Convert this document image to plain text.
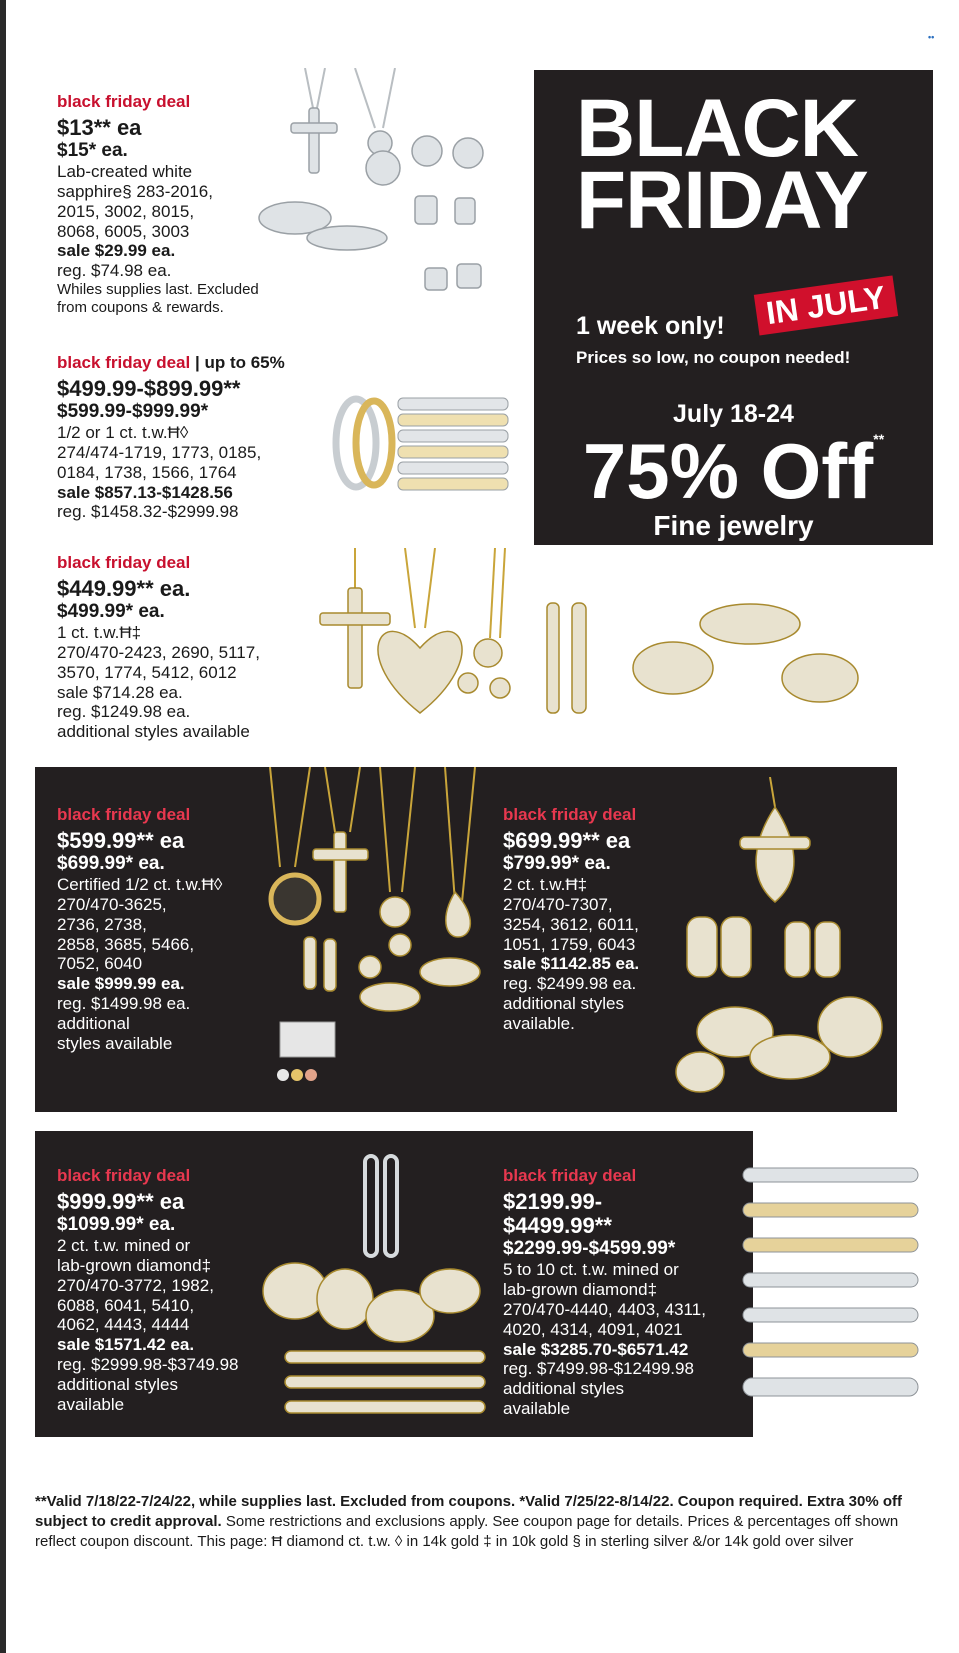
••
black friday deal
$13** ea
$15* ea.
Lab-created white
sapphire§ 283-2016,
2015, 3002, 8015,
8068, 6005, 3003
sale $29.99 ea.
reg. $74.98 ea.
Whiles supplies last. Excluded
from coupons & rewards.
black friday deal | up to 65%
$499.99-$899.99**
$599.99-$999.99*
1/2 or 1 ct. t.w.Ħ◊
274/474-1719, 1773, 0185,
0184, 1738, 1566, 1764
sale $857.13-$1428.56
reg. $1458.32-$2999.98
BLACK
FRIDAY
IN JULY
1 week only!
Prices so low, no coupon needed!
July 18-24
75% Off**
Fine jewelry
25-55% Off Watches**
select styles
black friday deal
$449.99** ea.
$499.99* ea.
1 ct. t.w.Ħ‡
270/470-2423, 2690, 5117,
3570, 1774, 5412, 6012
sale $714.28 ea.
reg. $1249.98 ea.
additional styles available
black friday deal
$599.99** ea
$699.99* ea.
Certified 1/2 ct. t.w.Ħ◊
270/470-3625,
2736, 2738,
2858, 3685, 5466,
7052, 6040
sale $999.99 ea.
reg. $1499.98 ea.
additional
styles available
black friday deal
$699.99** ea
$799.99* ea.
2 ct. t.w.Ħ‡
270/470-7307,
3254, 3612, 6011,
1051, 1759, 6043
sale $1142.85 ea.
reg. $2499.98 ea.
additional styles
available.
black friday deal
$999.99** ea
$1099.99* ea.
2 ct. t.w. mined or
lab-grown diamond‡
270/470-3772, 1982,
6088, 6041, 5410,
4062, 4443, 4444
sale $1571.42 ea.
reg. $2999.98-$3749.98
additional styles
available
black friday deal
$2199.99-
$4499.99**
$2299.99-$4599.99*
5 to 10 ct. t.w. mined or
lab-grown diamond‡
270/470-4440, 4403, 4311,
4020, 4314, 4091, 4021
sale $3285.70-$6571.42
reg. $7499.98-$12499.98
additional styles
available
**Valid 7/18/22-7/24/22, while supplies last. Excluded from coupons. *Valid 7/25/22-8/14/22. Coupon required. Extra 30% off subject to credit approval. Some restrictions and exclusions apply. See coupon page for details. Prices & percentages off shown reflect coupon discount. This page: Ħ diamond ct. t.w. ◊ in 14k gold ‡ in 10k gold § in sterling silver &/or 14k gold over silver
